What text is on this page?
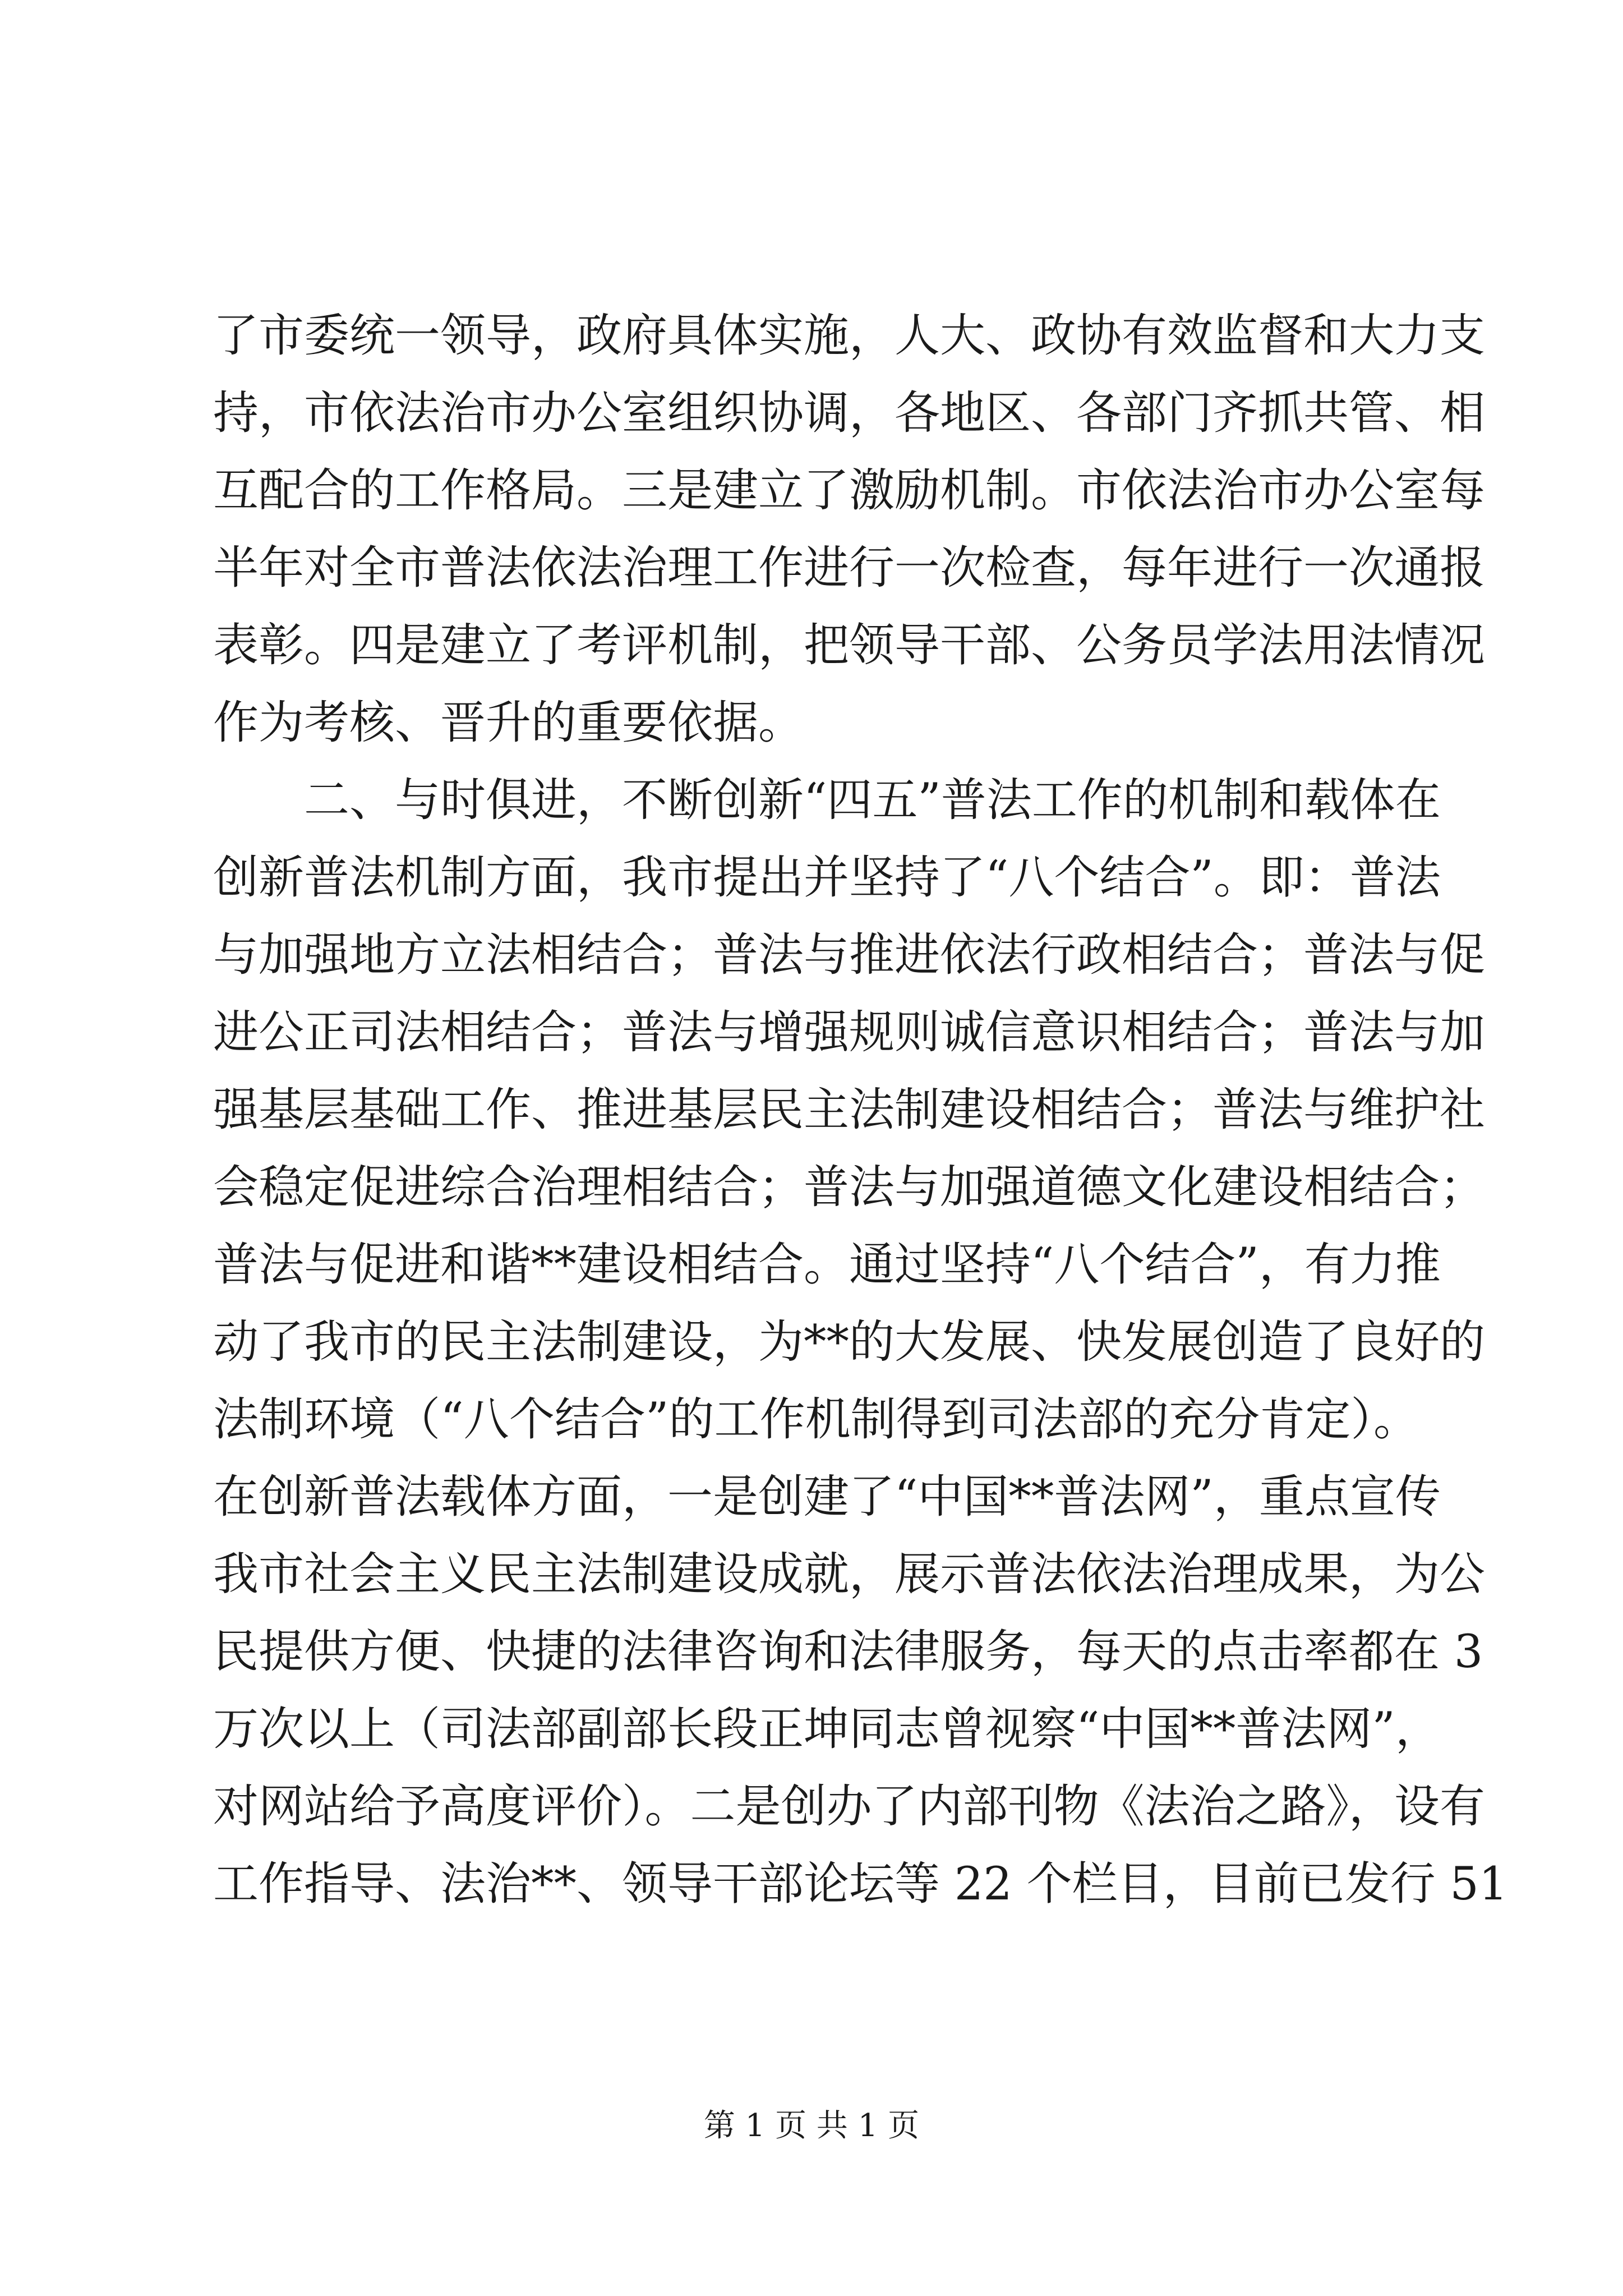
了市委统一领导，政府具体实施，人大、政协有效监督和大力支
持，市依法治市办公室组织协调，各地区、各部门齐抓共管、相
互配合的工作格局。三是建立了激励机制。市依法治市办公室每
半年对全市普法依法治理工作进行一次检查，每年进行一次通报
表彰。四是建立了考评机制，把领导干部、公务员学法用法情况
作为考核、晋升的重要依据。
二、与时俱进，不断创新“四五”普法工作的机制和载体在
创新普法机制方面，我市提出并坚持了“八个结合”。即：普法
与加强地方立法相结合；普法与推进依法行政相结合；普法与促
进公正司法相结合；普法与增强规则诚信意识相结合；普法与加
强基层基础工作、推进基层民主法制建设相结合；普法与维护社
会稳定促进综合治理相结合；普法与加强道德文化建设相结合；
普法与促进和谐**建设相结合。通过坚持“八个结合”，有力推
动了我市的民主法制建设，为**的大发展、快发展创造了良好的
法制环境（“八个结合”的工作机制得到司法部的充分肯定）。
在创新普法载体方面，一是创建了“中国**普法网”，重点宣传
我市社会主义民主法制建设成就，展示普法依法治理成果，为公
民提供方便、快捷的法律咨询和法律服务，每天的点击率都在 3
万次以上（司法部副部长段正坤同志曾视察“中国**普法网”，
对网站给予高度评价）。二是创办了内部刊物《法治之路》，设有
工作指导、法治**、领导干部论坛等 22 个栏目，目前已发行 51
第 1 页 共 1 页
